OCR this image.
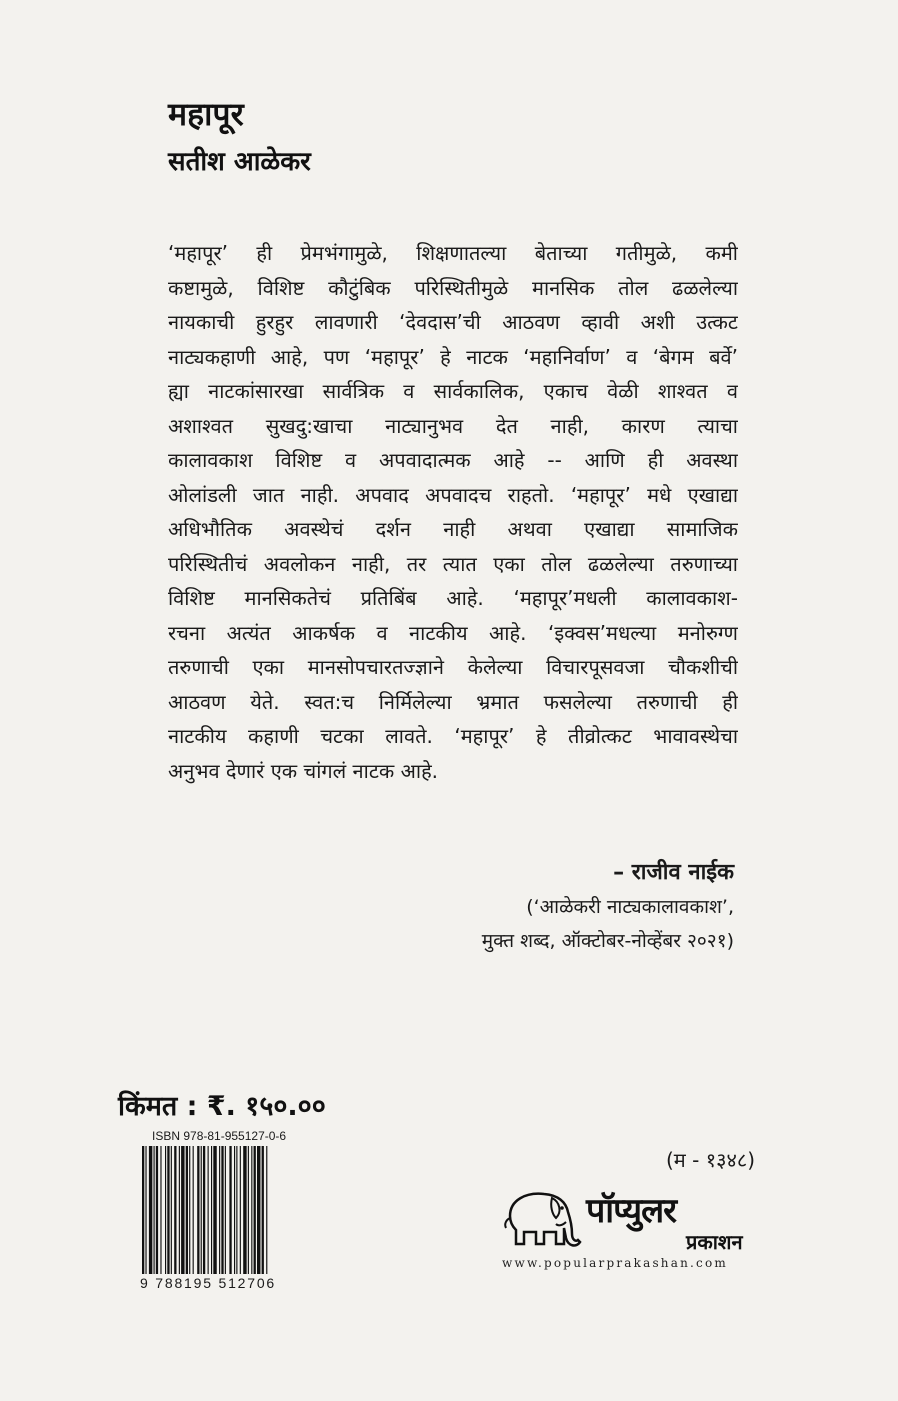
महापूर
सतीश आळेकर
‘महापूर’ ही प्रेमभंगामुळे, शिक्षणातल्या बेताच्या गतीमुळे, कमी
कष्टामुळे, विशिष्ट कौटुंबिक परिस्थितीमुळे मानसिक तोल ढळलेल्या
नायकाची हुरहुर लावणारी ‘देवदास’ची आठवण व्हावी अशी उत्कट
नाट्यकहाणी आहे, पण ‘महापूर’ हे नाटक ‘महानिर्वाण’ व ‘बेगम बर्वे’
ह्या नाटकांसारखा सार्वत्रिक व सार्वकालिक, एकाच वेळी शाश्वत व
अशाश्वत सुखदु:खाचा नाट्यानुभव देत नाही, कारण त्याचा
कालावकाश विशिष्ट व अपवादात्मक आहे -- आणि ही अवस्था
ओलांडली जात नाही. अपवाद अपवादच राहतो. ‘महापूर’ मधे एखाद्या
अधिभौतिक अवस्थेचं दर्शन नाही अथवा एखाद्या सामाजिक
परिस्थितीचं अवलोकन नाही, तर त्यात एका तोल ढळलेल्या तरुणाच्या
विशिष्ट मानसिकतेचं प्रतिबिंब आहे. ‘महापूर’मधली कालावकाश-
रचना अत्यंत आकर्षक व नाटकीय आहे. ‘इक्वस’मधल्या मनोरुग्ण
तरुणाची एका मानसोपचारतज्ज्ञाने केलेल्या विचारपूसवजा चौकशीची
आठवण येते. स्वत:च निर्मिलेल्या भ्रमात फसलेल्या तरुणाची ही
नाटकीय कहाणी चटका लावते. ‘महापूर’ हे तीव्रोत्कट भावावस्थेचा
अनुभव देणारं एक चांगलं नाटक आहे.
– राजीव नाईक
(‘आळेकरी नाट्यकालावकाश’,
मुक्त शब्द, ऑक्टोबर-नोव्हेंबर २०२१)
किंमत : ₹. १५०.००
ISBN 978-81-955127-0-6
9 788195 512706
(म - १३४८)
पॉप्युलर
प्रकाशन
www.popularprakashan.com
